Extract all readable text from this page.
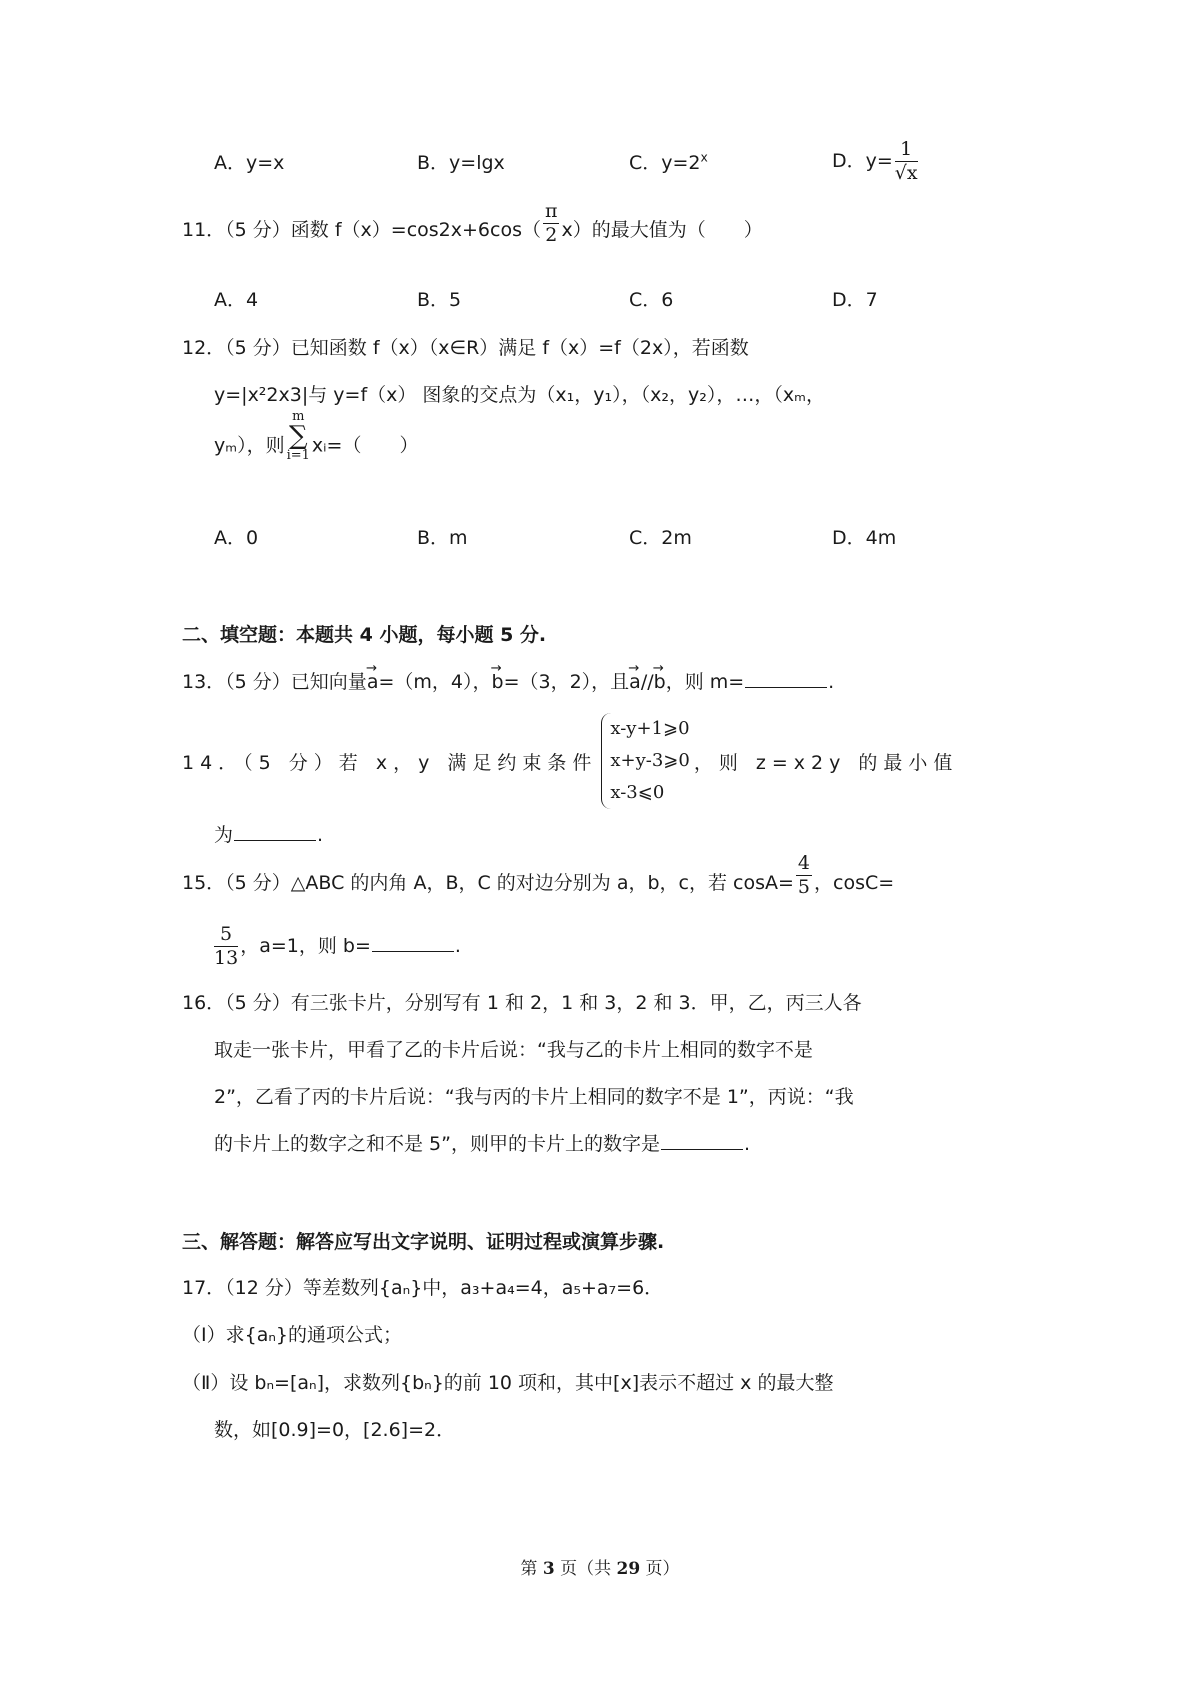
A．y=x	B．y=lgx	C．$y=2^x$	D．$y= \frac{1}{√x}$
11．（5 分）函数 $f(x)=\cos 2x+6\cos( \frac{\pi}{2} x)$的最大值为（　　）
A．4	B．5	C．6	D．7
12．（5 分）已知函数 f（x）（x∈R）满足 f（x）=f（2x），若函数
y=|x²2x3|与 y=f（x） 图象的交点为（x₁，y₁），（x₂，y₂），…，（xₘ，
yₘ），则
m
∑
i=1 xᵢ=（　　）
A．0	B．m	C．2m	D．4m
二、填空题：本题共 4 小题，每小题 5 分.
13．（5 分）已知向量→ a=（m，4），→ b=（3，2），且→ a//→ b，则 m=	.
14．（5 分）若 x，y 满足约束条件
x-y+1⩾0
x+y-3⩾0
x-3⩽0
，则 z=x2y 的最小值
为	.
15．（5 分）△ABC 的内角 A，B，C 的对边分别为 a，b，c，若 $\cos A= \frac{4}{5}$ ，cosC=
$\frac{5}{13}$ ，a=1，则 b=	.
16．（5 分）有三张卡片，分别写有 1 和 2，1 和 3，2 和 3．甲，乙，丙三人各
取走一张卡片，甲看了乙的卡片后说：“我与乙的卡片上相同的数字不是
2”，乙看了丙的卡片后说：“我与丙的卡片上相同的数字不是 1”，丙说：“我
的卡片上的数字之和不是 5”，则甲的卡片上的数字是	.
三、解答题：解答应写出文字说明、证明过程或演算步骤.
17．（12 分）等差数列{aₙ}中，a₃+a₄=4，a₅+a₇=6．
（Ⅰ）求{aₙ}的通项公式；
（Ⅱ）设 bₙ=[aₙ]，求数列{bₙ}的前 10 项和，其中[x]表示不超过 x 的最大整
数，如[0.9]=0，[2.6]=2．
第 3 页（共 29 页）
